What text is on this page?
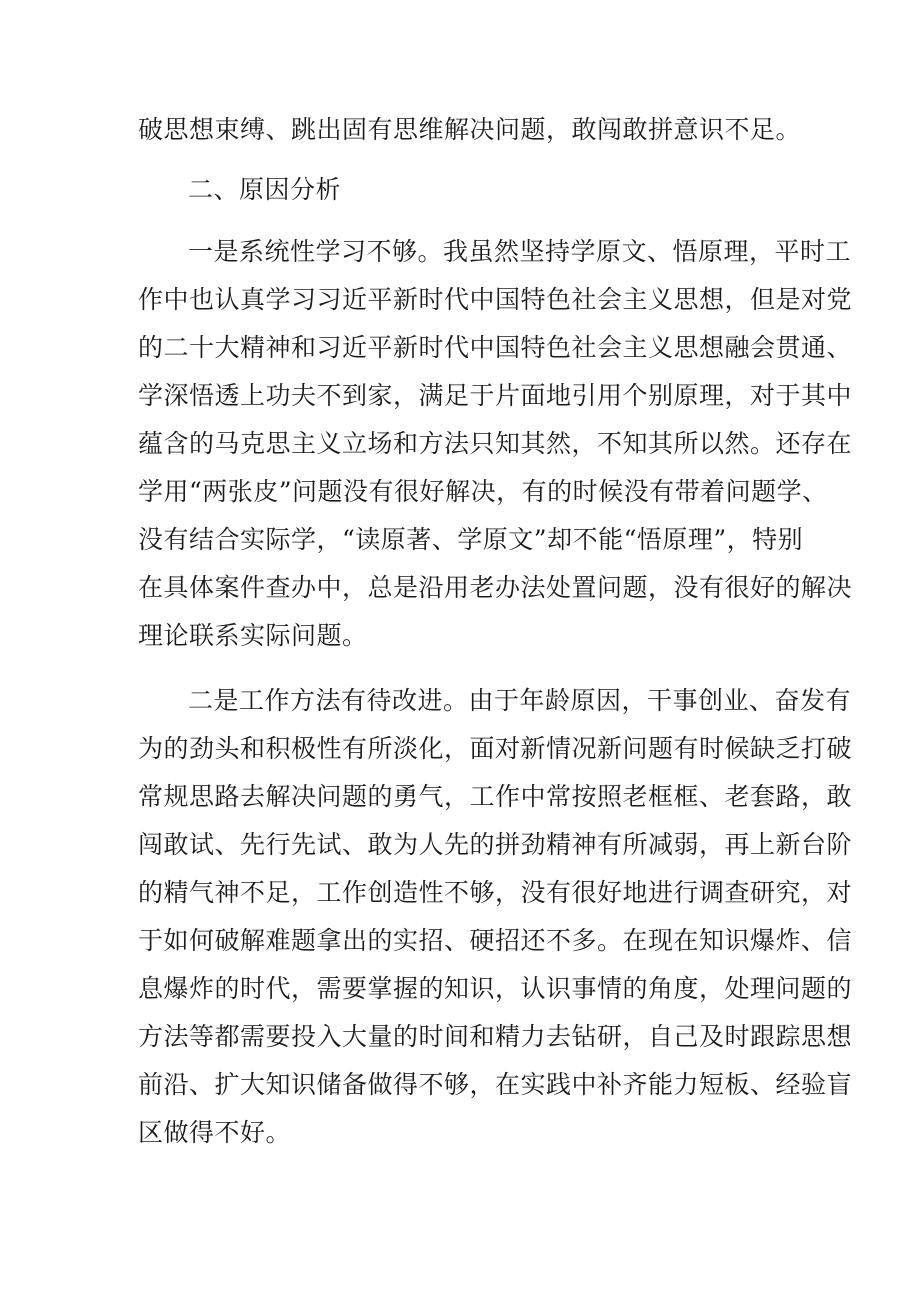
破思想束缚、跳出固有思维解决问题，敢闯敢拼意识不足。
二、原因分析
一是系统性学习不够。我虽然坚持学原文、悟原理，平时工
作中也认真学习习近平新时代中国特色社会主义思想，但是对党
的二十大精神和习近平新时代中国特色社会主义思想融会贯通、
学深悟透上功夫不到家，满足于片面地引用个别原理，对于其中
蕴含的马克思主义立场和方法只知其然，不知其所以然。还存在
学用“两张皮”问题没有很好解决，有的时候没有带着问题学、
没有结合实际学，“读原著、学原文”却不能“悟原理”，特别
在具体案件查办中，总是沿用老办法处置问题，没有很好的解决
理论联系实际问题。
二是工作方法有待改进。由于年龄原因，干事创业、奋发有
为的劲头和积极性有所淡化，面对新情况新问题有时候缺乏打破
常规思路去解决问题的勇气，工作中常按照老框框、老套路，敢
闯敢试、先行先试、敢为人先的拼劲精神有所减弱，再上新台阶
的精气神不足，工作创造性不够，没有很好地进行调查研究，对
于如何破解难题拿出的实招、硬招还不多。在现在知识爆炸、信
息爆炸的时代，需要掌握的知识，认识事情的角度，处理问题的
方法等都需要投入大量的时间和精力去钻研，自己及时跟踪思想
前沿、扩大知识储备做得不够，在实践中补齐能力短板、经验盲
区做得不好。
